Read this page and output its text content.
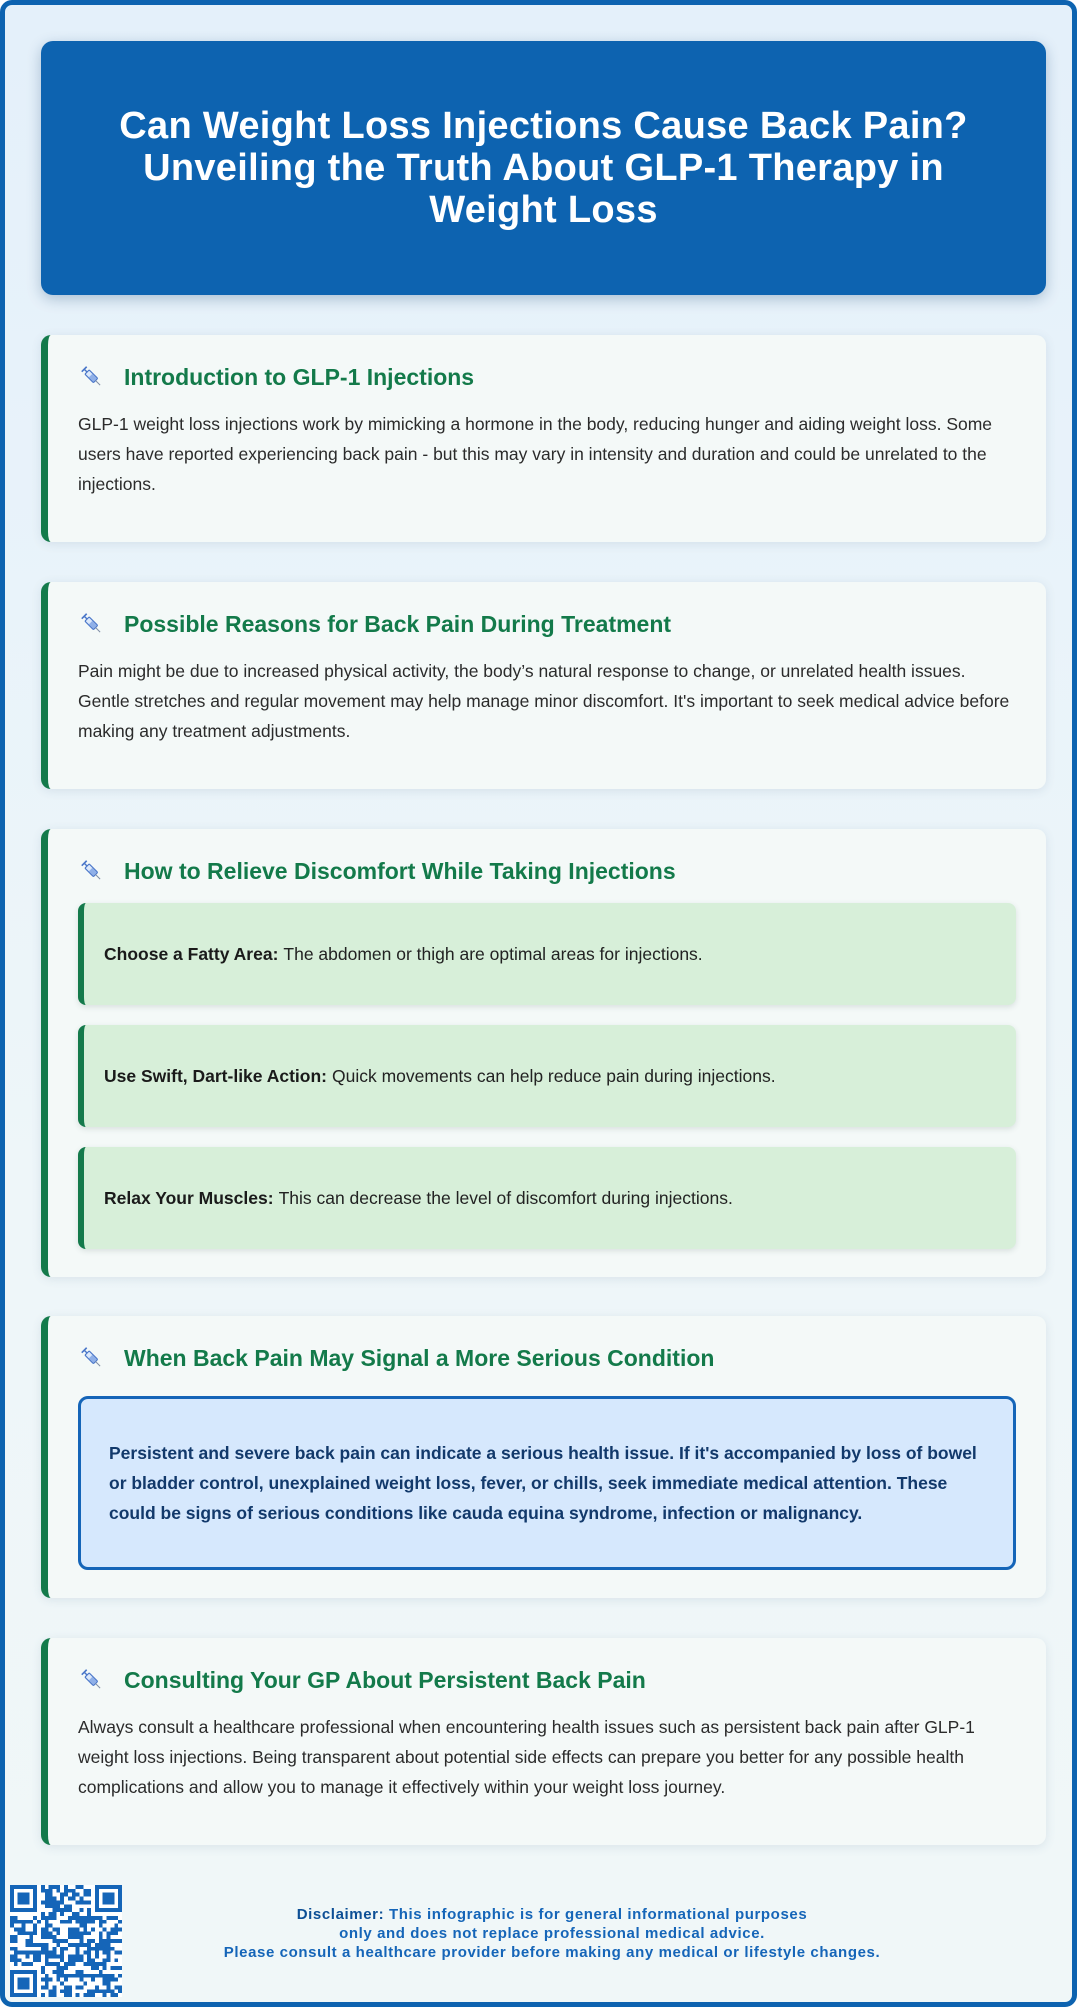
Can Weight Loss Injections Cause Back Pain? Unveiling the Truth About GLP-1 Therapy in Weight Loss
Introduction to GLP-1 Injections

GLP-1 weight loss injections work by mimicking a hormone in the body, reducing hunger and aiding weight loss. Some users have reported experiencing back pain - but this may vary in intensity and duration and could be unrelated to the injections.

Possible Reasons for Back Pain During Treatment

Pain might be due to increased physical activity, the body’s natural response to change, or unrelated health issues. Gentle stretches and regular movement may help manage minor discomfort. It's important to seek medical advice before making any treatment adjustments.

How to Relieve Discomfort While Taking Injections
Choose a Fatty Area: The abdomen or thigh are optimal areas for injections.
Use Swift, Dart-like Action: Quick movements can help reduce pain during injections.
Relax Your Muscles: This can decrease the level of discomfort during injections.
When Back Pain May Signal a More Serious Condition
Persistent and severe back pain can indicate a serious health issue. If it's accompanied by loss of bowel or bladder control, unexplained weight loss, fever, or chills, seek immediate medical attention. These could be signs of serious conditions like cauda equina syndrome, infection or malignancy.
Consulting Your GP About Persistent Back Pain

Always consult a healthcare professional when encountering health issues such as persistent back pain after GLP-1 weight loss injections. Being transparent about potential side effects can prepare you better for any possible health complications and allow you to manage it effectively within your weight loss journey.

Disclaimer: This infographic is for general informational purposes
only and does not replace professional medical advice.
Please consult a healthcare provider before making any medical or lifestyle changes.
